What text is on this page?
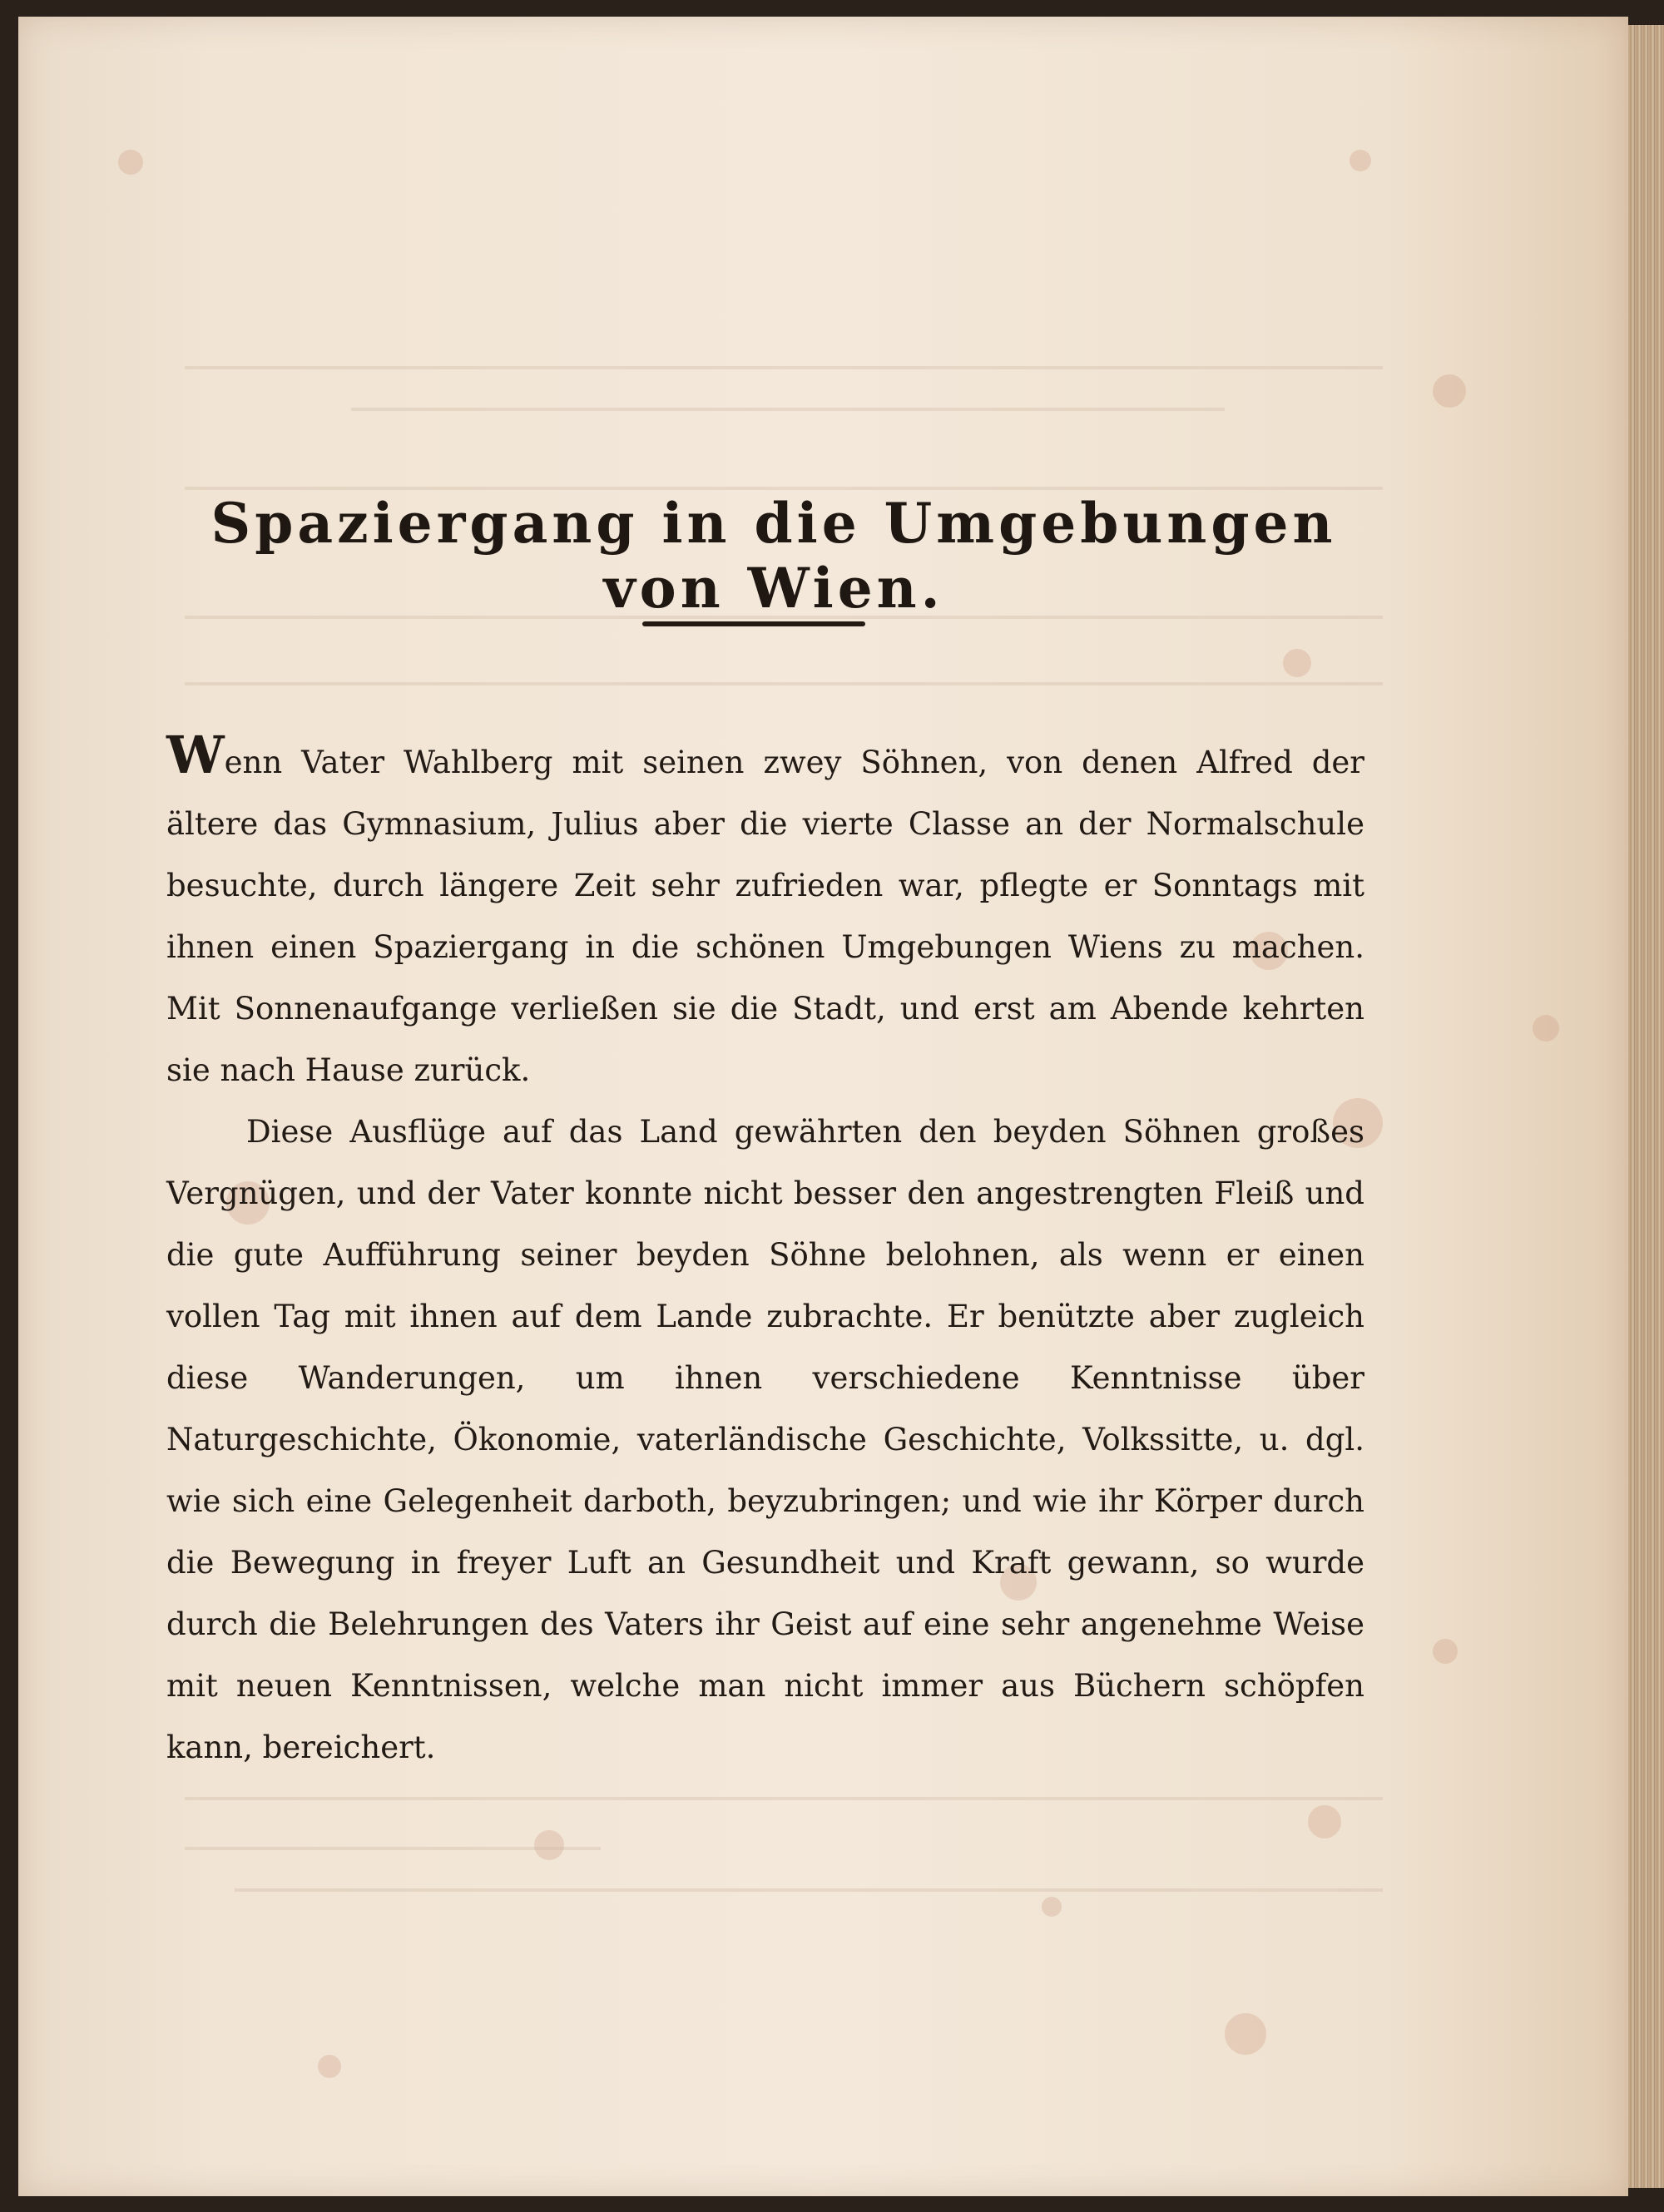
Spaziergang in die Umgebungen von Wien.

Wenn Vater Wahlberg mit seinen zwey Söhnen, von denen Alfred der ältere das Gymnasium, Julius aber die vierte Classe an der Normalschule besuchte, durch längere Zeit sehr zufrieden war, pflegte er Sonntags mit ihnen einen Spaziergang in die schönen Umgebungen Wiens zu machen. Mit Sonnenaufgange verließen sie die Stadt, und erst am Abende kehrten sie nach Hause zurück.

Diese Ausflüge auf das Land gewährten den beyden Söhnen großes Vergnügen, und der Vater konnte nicht besser den angestrengten Fleiß und die gute Aufführung seiner beyden Söhne belohnen, als wenn er einen vollen Tag mit ihnen auf dem Lande zubrachte. Er benützte aber zugleich diese Wanderungen, um ihnen verschiedene Kenntnisse über Naturgeschichte, Ökonomie, vaterländische Geschichte, Volkssitte, u. dgl. wie sich eine Gelegenheit darboth, beyzubringen; und wie ihr Körper durch die Bewegung in freyer Luft an Gesundheit und Kraft gewann, so wurde durch die Belehrungen des Vaters ihr Geist auf eine sehr angenehme Weise mit neuen Kenntnissen, welche man nicht immer aus Büchern schöpfen kann, bereichert.
